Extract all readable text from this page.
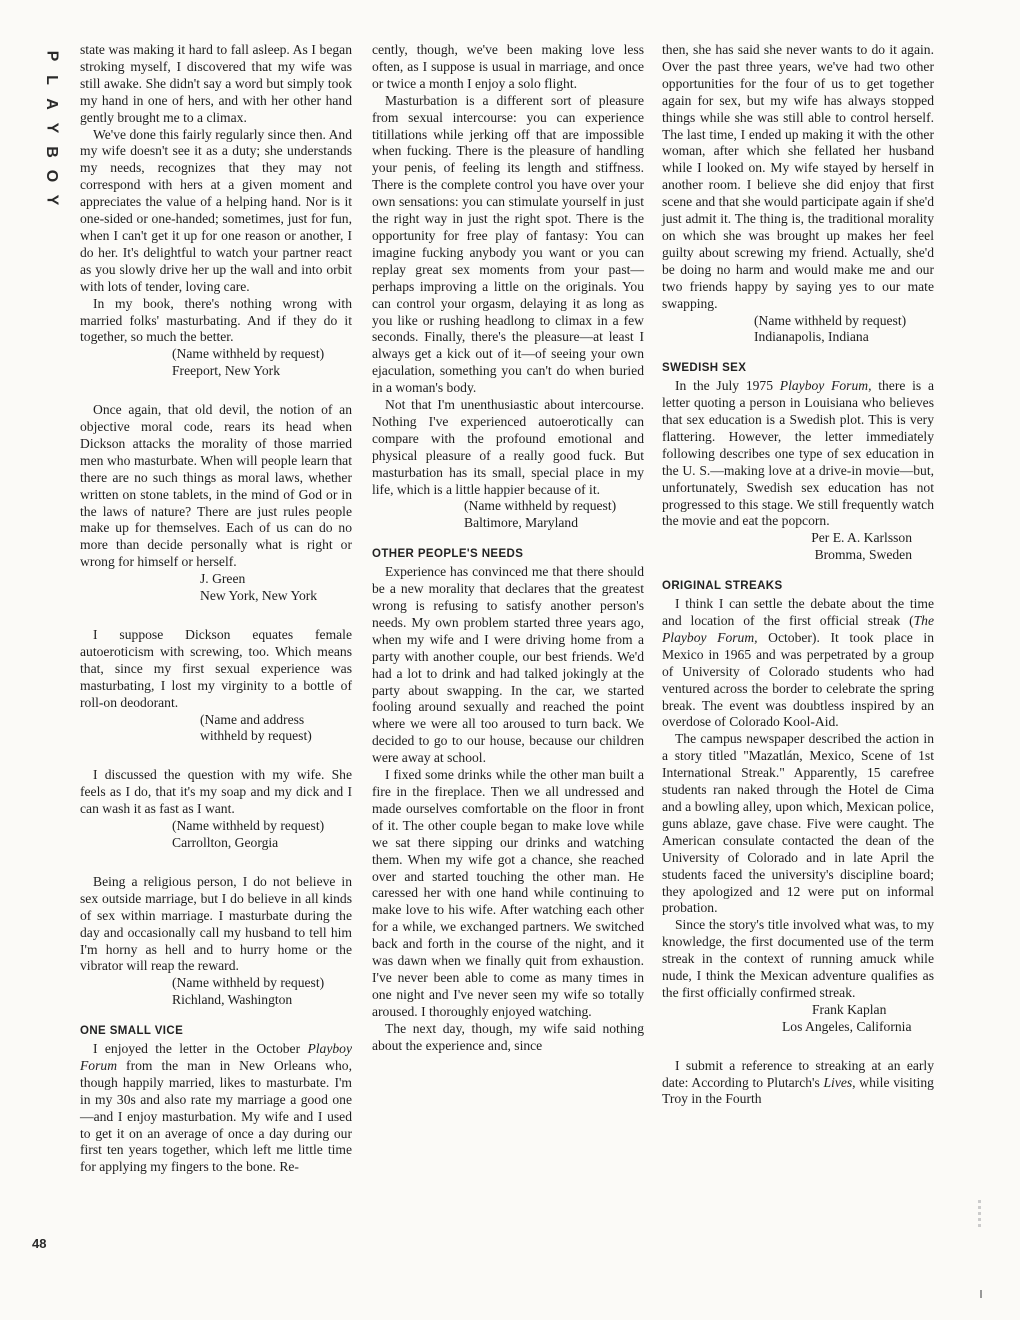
P
L
A
Y
B
O
Y
48

state was making it hard to fall asleep. As I began stroking myself, I discovered that my wife was still awake. She didn't say a word but simply took my hand in one of hers, and with her other hand gently brought me to a climax.

We've done this fairly regularly since then. And my wife doesn't see it as a duty; she understands my needs, recognizes that they may not correspond with hers at a given moment and appreciates the value of a helping hand. Nor is it one-sided or one-handed; sometimes, just for fun, when I can't get it up for one reason or another, I do her. It's delightful to watch your partner react as you slowly drive her up the wall and into orbit with lots of tender, loving care.

In my book, there's nothing wrong with married folks' masturbating. And if they do it together, so much the better.

(Name withheld by request)
Freeport, New York

Once again, that old devil, the notion of an objective moral code, rears its head when Dickson attacks the morality of those married men who masturbate. When will people learn that there are no such things as moral laws, whether written on stone tablets, in the mind of God or in the laws of nature? There are just rules people make up for themselves. Each of us can do no more than decide personally what is right or wrong for himself or herself.

J. Green
New York, New York

I suppose Dickson equates female autoeroticism with screwing, too. Which means that, since my first sexual experience was masturbating, I lost my virginity to a bottle of roll-on deodorant.

(Name and address
withheld by request)

I discussed the question with my wife. She feels as I do, that it's my soap and my dick and I can wash it as fast as I want.

(Name withheld by request)
Carrollton, Georgia

Being a religious person, I do not believe in sex outside marriage, but I do believe in all kinds of sex within marriage. I masturbate during the day and occasionally call my husband to tell him I'm horny as hell and to hurry home or the vibrator will reap the reward.

(Name withheld by request)
Richland, Washington
ONE SMALL VICE

I enjoyed the letter in the October Playboy Forum from the man in New Orleans who, though happily married, likes to masturbate. I'm in my 30s and also rate my marriage a good one—and I enjoy masturbation. My wife and I used to get it on an average of once a day during our first ten years together, which left me little time for applying my fingers to the bone. Re-

cently, though, we've been making love less often, as I suppose is usual in marriage, and once or twice a month I enjoy a solo flight.

Masturbation is a different sort of pleasure from sexual intercourse: you can experience titillations while jerking off that are impossible when fucking. There is the pleasure of handling your penis, of feeling its length and stiffness. There is the complete control you have over your own sensations: you can stimulate yourself in just the right way in just the right spot. There is the opportunity for free play of fantasy: You can imagine fucking anybody you want or you can replay great sex moments from your past—perhaps improving a little on the originals. You can control your orgasm, delaying it as long as you like or rushing headlong to climax in a few seconds. Finally, there's the pleasure—at least I always get a kick out of it—of seeing your own ejaculation, something you can't do when buried in a woman's body.

Not that I'm unenthusiastic about intercourse. Nothing I've experienced autoerotically can compare with the profound emotional and physical pleasure of a really good fuck. But masturbation has its small, special place in my life, which is a little happier because of it.

(Name withheld by request)
Baltimore, Maryland
OTHER PEOPLE'S NEEDS

Experience has convinced me that there should be a new morality that declares that the greatest wrong is refusing to satisfy another person's needs. My own problem started three years ago, when my wife and I were driving home from a party with another couple, our best friends. We'd had a lot to drink and had talked jokingly at the party about swapping. In the car, we started fooling around sexually and reached the point where we were all too aroused to turn back. We decided to go to our house, because our children were away at school.

I fixed some drinks while the other man built a fire in the fireplace. Then we all undressed and made ourselves comfortable on the floor in front of it. The other couple began to make love while we sat there sipping our drinks and watching them. When my wife got a chance, she reached over and started touching the other man. He caressed her with one hand while continuing to make love to his wife. After watching each other for a while, we exchanged partners. We switched back and forth in the course of the night, and it was dawn when we finally quit from exhaustion. I've never been able to come as many times in one night and I've never seen my wife so totally aroused. I thoroughly enjoyed watching.

The next day, though, my wife said nothing about the experience and, since

then, she has said she never wants to do it again. Over the past three years, we've had two other opportunities for the four of us to get together again for sex, but my wife has always stopped things while she was still able to control herself. The last time, I ended up making it with the other woman, after which she fellated her husband while I looked on. My wife stayed by herself in another room. I believe she did enjoy that first scene and that she would participate again if she'd just admit it. The thing is, the traditional morality on which she was brought up makes her feel guilty about screwing my friend. Actually, she'd be doing no harm and would make me and our two friends happy by saying yes to our mate swapping.

(Name withheld by request)
Indianapolis, Indiana
SWEDISH SEX

In the July 1975 Playboy Forum, there is a letter quoting a person in Louisiana who believes that sex education is a Swedish plot. This is very flattering. However, the letter immediately following describes one type of sex education in the U. S.—making love at a drive-in movie—but, unfortunately, Swedish sex education has not progressed to this stage. We still frequently watch the movie and eat the popcorn.

Per E. A. Karlsson
Bromma, Sweden
ORIGINAL STREAKS

I think I can settle the debate about the time and location of the first official streak (The Playboy Forum, October). It took place in Mexico in 1965 and was perpetrated by a group of University of Colorado students who had ventured across the border to celebrate the spring break. The event was doubtless inspired by an overdose of Colorado Kool-Aid.

The campus newspaper described the action in a story titled "Mazatlán, Mexico, Scene of 1st International Streak." Apparently, 15 carefree students ran naked through the Hotel de Cima and a bowling alley, upon which, Mexican police, guns ablaze, gave chase. Five were caught. The American consulate contacted the dean of the University of Colorado and in late April the students faced the university's discipline board; they apologized and 12 were put on informal probation.

Since the story's title involved what was, to my knowledge, the first documented use of the term streak in the context of running amuck while nude, I think the Mexican adventure qualifies as the first officially confirmed streak.

Frank Kaplan
Los Angeles, California

I submit a reference to streaking at an early date: According to Plutarch's Lives, while visiting Troy in the Fourth
